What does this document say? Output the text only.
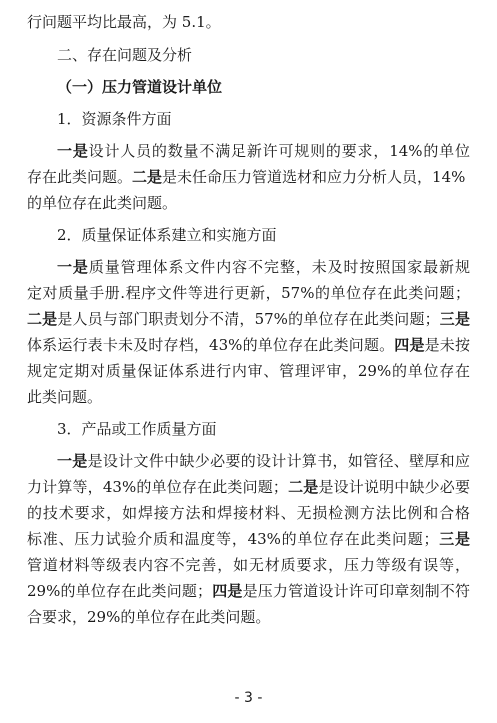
行问题平均比最高，为 5.1。
二、存在问题及分析
（一）压力管道设计单位
1．资源条件方面
一是设计人员的数量不满足新许可规则的要求，14%的单位
存在此类问题。二是是未任命压力管道选材和应力分析人员，14%
的单位存在此类问题。
2．质量保证体系建立和实施方面
一是质量管理体系文件内容不完整，未及时按照国家最新规
定对质量手册.程序文件等进行更新，57%的单位存在此类问题；
二是是人员与部门职责划分不清，57%的单位存在此类问题；三是
体系运行表卡未及时存档，43%的单位存在此类问题。四是是未按
规定定期对质量保证体系进行内审、管理评审，29%的单位存在
此类问题。
3．产品或工作质量方面
一是是设计文件中缺少必要的设计计算书，如管径、壁厚和应
力计算等，43%的单位存在此类问题；二是是设计说明中缺少必要
的技术要求，如焊接方法和焊接材料、无损检测方法比例和合格
标准、压力试验介质和温度等，43%的单位存在此类问题；三是
管道材料等级表内容不完善，如无材质要求，压力等级有误等，
29%的单位存在此类问题；四是是压力管道设计许可印章刻制不符
合要求，29%的单位存在此类问题。
- 3 -
